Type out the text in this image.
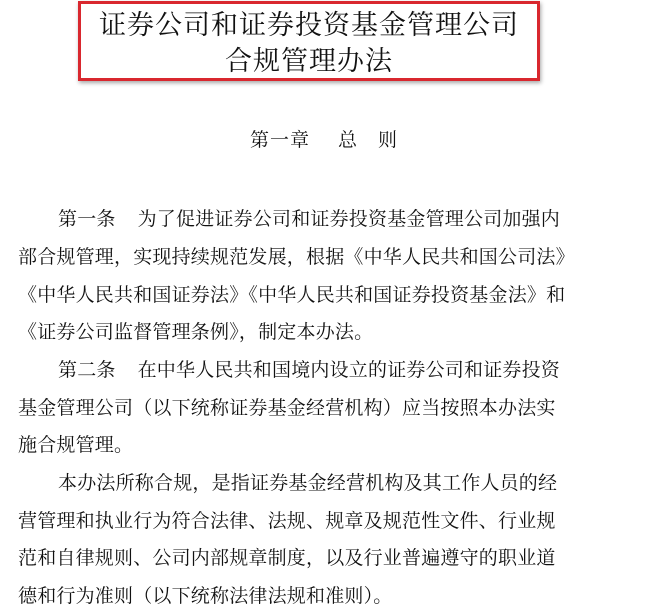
证券公司和证券投资基金管理公司
合规管理办法
第一章 总　则
第一条 为了促进证券公司和证券投资基金管理公司加强内
部合规管理，实现持续规范发展，根据《中华人民共和国公司法》
《中华人民共和国证券法》《中华人民共和国证券投资基金法》和
《证券公司监督管理条例》，制定本办法。
第二条 在中华人民共和国境内设立的证券公司和证券投资
基金管理公司（以下统称证券基金经营机构）应当按照本办法实
施合规管理。
本办法所称合规，是指证券基金经营机构及其工作人员的经
营管理和执业行为符合法律、法规、规章及规范性文件、行业规
范和自律规则、公司内部规章制度，以及行业普遍遵守的职业道
德和行为准则（以下统称法律法规和准则）。
